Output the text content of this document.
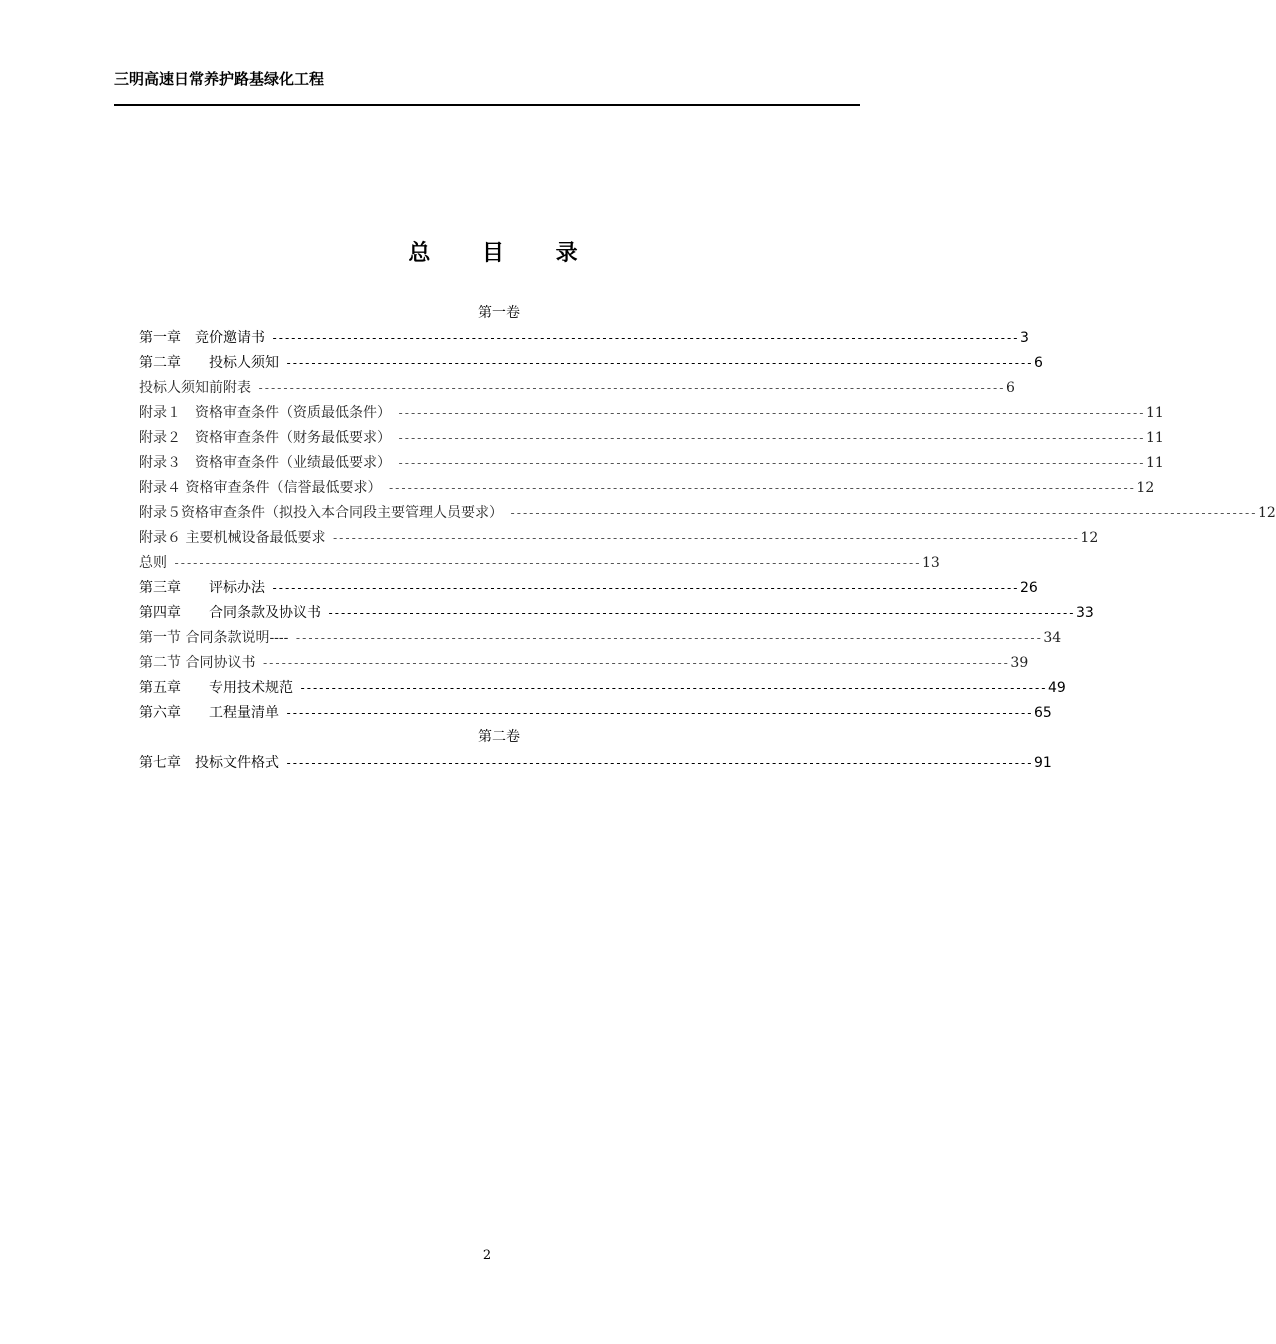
三明高速日常养护路基绿化工程
总 目 录
第一卷
第一章　竞价邀请书 ------------------------------------------------------------------------------------------------------------------------ 3
第二章　　投标人须知 ------------------------------------------------------------------------------------------------------------------------ 6
投标人须知前附表 ------------------------------------------------------------------------------------------------------------------------ 6
附录１　资格审查条件（资质最低条件） ------------------------------------------------------------------------------------------------------------------------ 11
附录２　资格审查条件（财务最低要求） ------------------------------------------------------------------------------------------------------------------------ 11
附录３　资格审查条件（业绩最低要求） ------------------------------------------------------------------------------------------------------------------------ 11
附录４ 资格审查条件（信誉最低要求） ------------------------------------------------------------------------------------------------------------------------ 12
附录５资格审查条件（拟投入本合同段主要管理人员要求） ------------------------------------------------------------------------------------------------------------------------ 12
附录６ 主要机械设备最低要求 ------------------------------------------------------------------------------------------------------------------------ 12
总则 ------------------------------------------------------------------------------------------------------------------------ 13
第三章　　评标办法 ------------------------------------------------------------------------------------------------------------------------ 26
第四章　　合同条款及协议书 ------------------------------------------------------------------------------------------------------------------------ 33
第一节 合同条款说明---- ------------------------------------------------------------------------------------------------------------------------ 34
第二节 合同协议书 ------------------------------------------------------------------------------------------------------------------------ 39
第五章　　专用技术规范 ------------------------------------------------------------------------------------------------------------------------ 49
第六章　　工程量清单 ------------------------------------------------------------------------------------------------------------------------ 65
第二卷
第七章　投标文件格式 ------------------------------------------------------------------------------------------------------------------------ 91
2
